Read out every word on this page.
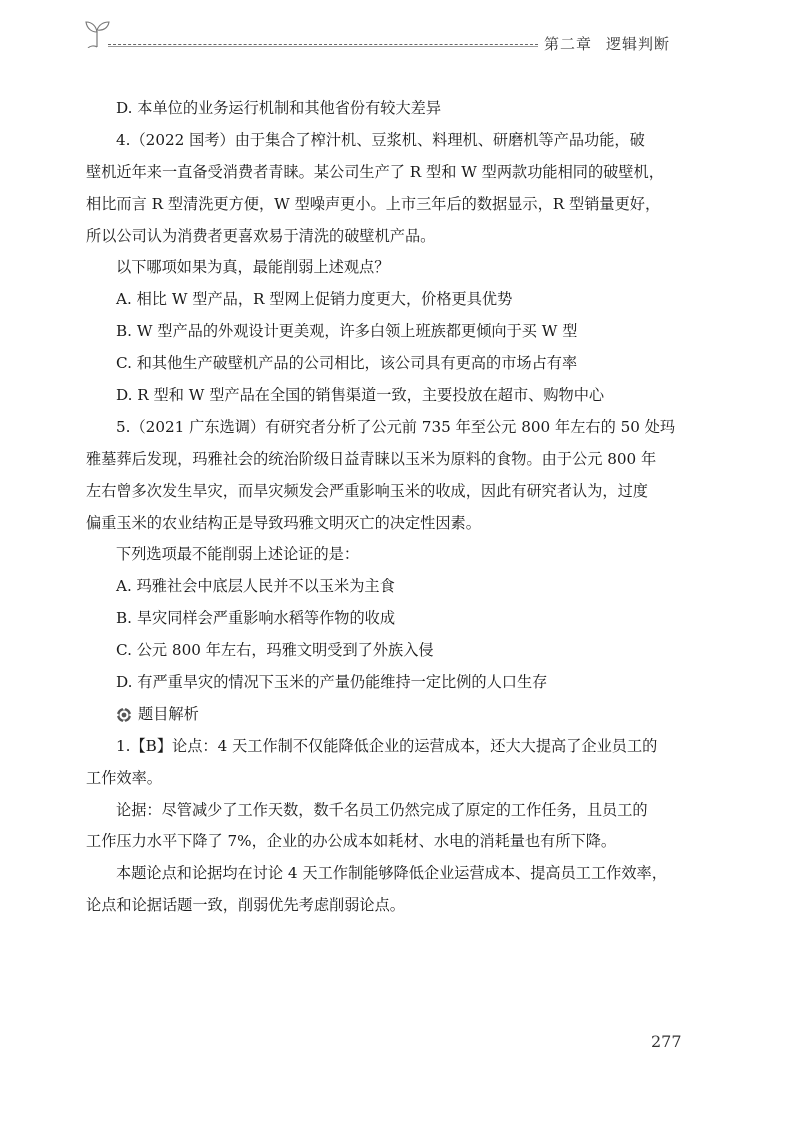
第二章 逻辑判断
D. 本单位的业务运行机制和其他省份有较大差异
4.（2022 国考）由于集合了榨汁机、豆浆机、料理机、研磨机等产品功能，破
壁机近年来一直备受消费者青睐。某公司生产了 R 型和 W 型两款功能相同的破壁机，
相比而言 R 型清洗更方便，W 型噪声更小。上市三年后的数据显示，R 型销量更好，
所以公司认为消费者更喜欢易于清洗的破壁机产品。
以下哪项如果为真，最能削弱上述观点？
A. 相比 W 型产品，R 型网上促销力度更大，价格更具优势
B. W 型产品的外观设计更美观，许多白领上班族都更倾向于买 W 型
C. 和其他生产破壁机产品的公司相比，该公司具有更高的市场占有率
D. R 型和 W 型产品在全国的销售渠道一致，主要投放在超市、购物中心
5.（2021 广东选调）有研究者分析了公元前 735 年至公元 800 年左右的 50 处玛
雅墓葬后发现，玛雅社会的统治阶级日益青睐以玉米为原料的食物。由于公元 800 年
左右曾多次发生旱灾，而旱灾频发会严重影响玉米的收成，因此有研究者认为，过度
偏重玉米的农业结构正是导致玛雅文明灭亡的决定性因素。
下列选项最不能削弱上述论证的是：
A. 玛雅社会中底层人民并不以玉米为主食
B. 旱灾同样会严重影响水稻等作物的收成
C. 公元 800 年左右，玛雅文明受到了外族入侵
D. 有严重旱灾的情况下玉米的产量仍能维持一定比例的人口生存
题目解析
1.【B】论点：4 天工作制不仅能降低企业的运营成本，还大大提高了企业员工的
工作效率。
论据：尽管减少了工作天数，数千名员工仍然完成了原定的工作任务，且员工的
工作压力水平下降了 7%，企业的办公成本如耗材、水电的消耗量也有所下降。
本题论点和论据均在讨论 4 天工作制能够降低企业运营成本、提高员工工作效率，
论点和论据话题一致，削弱优先考虑削弱论点。
277
